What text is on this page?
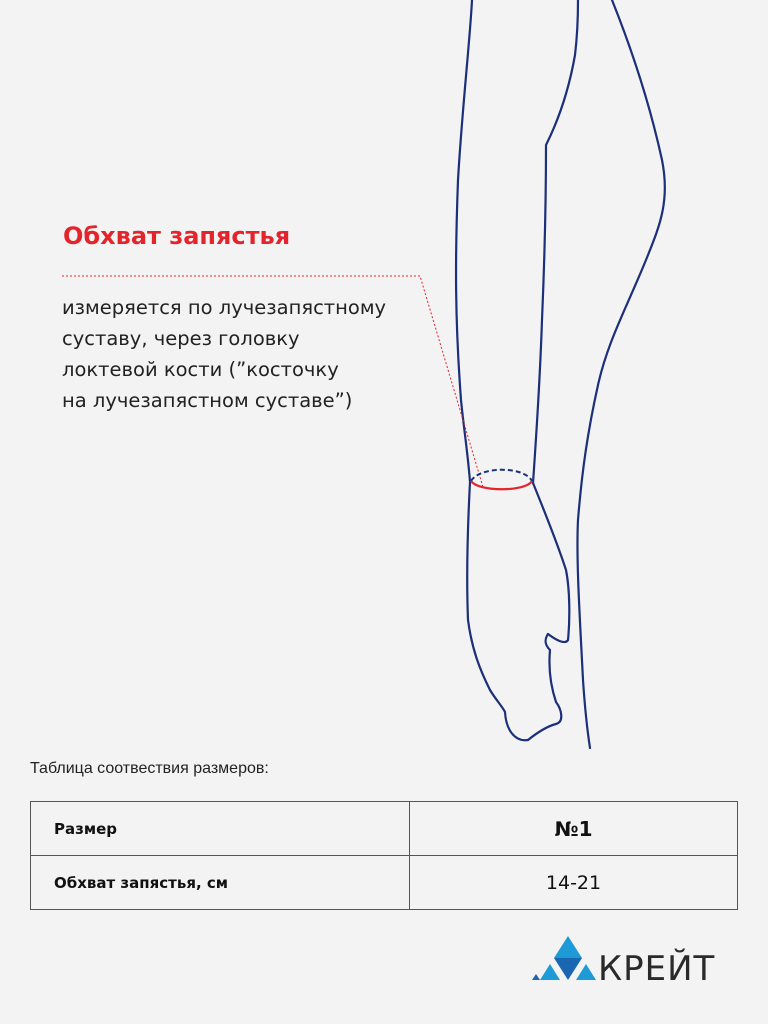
Обхват запястья
измеряется по лучезапястному
суставу, через головку
локтевой кости (”косточку
на лучезапястном суставе”)
Таблица соотвествия размеров:
Размер	№1
Обхват запястья, см	14-21
КРЕЙТ
